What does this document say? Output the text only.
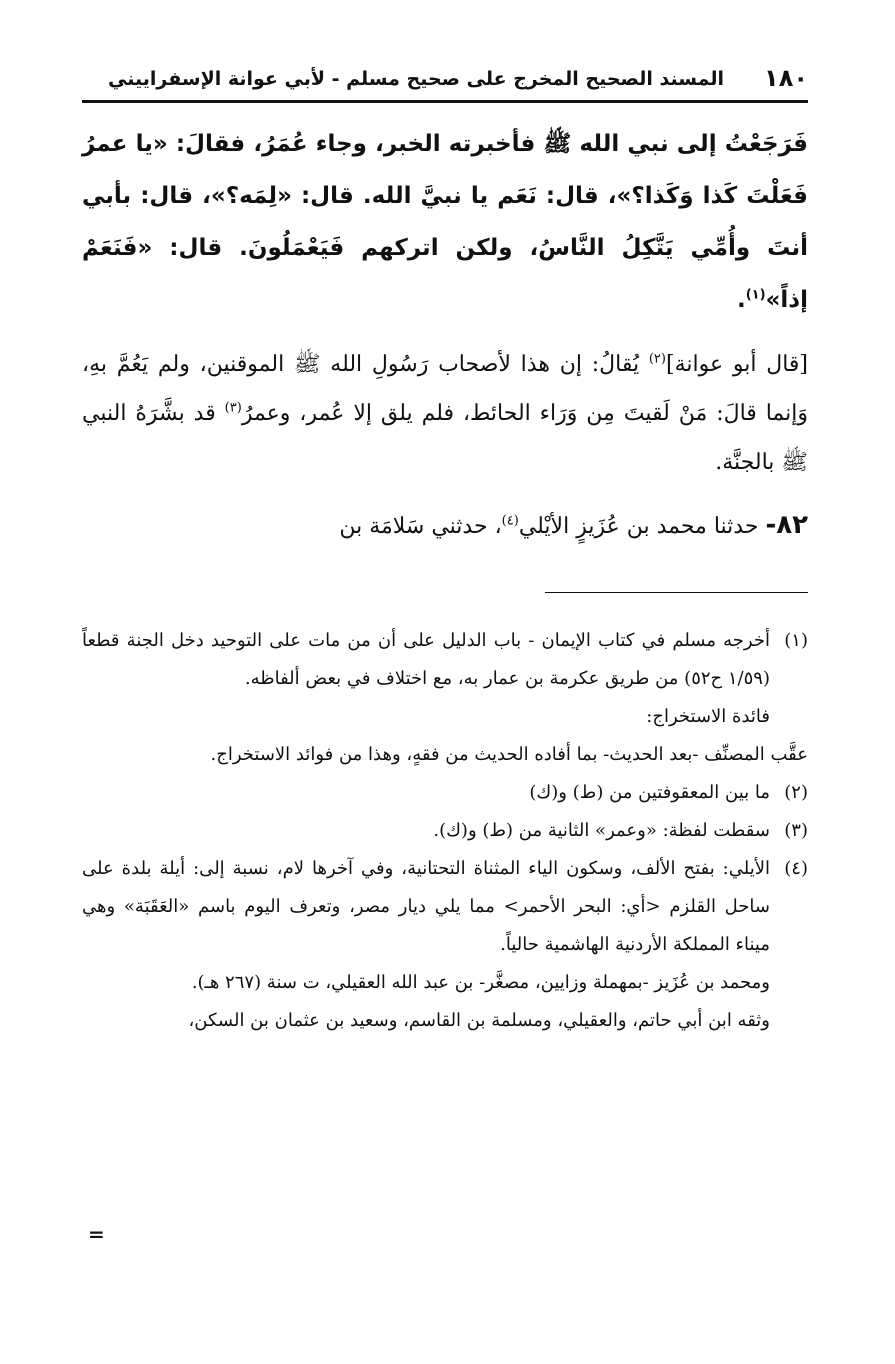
١٨٠
المسند الصحيح المخرج على صحيح مسلم - لأبي عوانة الإسفراييني

فَرَجَعْتُ إلى نبي الله ﷺ فأخبرته الخبر، وجاء عُمَرُ، فقالَ: «يا عمرُ فَعَلْتَ كَذا وَكَذا؟»، قال: نَعَم يا نبيَّ الله. قال: «لِمَه؟»، قال: بأبي أنتَ وأُمِّي يَتَّكِلُ النَّاسُ، ولكن اتركهم فَيَعْمَلُونَ. قال: «فَنَعَمْ إذاً»$^{(١)}$.

[قال أبو عوانة]$^{(٢)}$ يُقالُ: إن هذا لأصحاب رَسُولِ الله ﷺ الموقنين، ولم يَعُمَّ بهِ، وَإنما قالَ: مَنْ لَقيتَ مِن وَرَاء الحائط، فلم يلق إلا عُمر، وعمرُ$^{(٣)}$ قد بشَّرَهُ النبي ﷺ بالجنَّة.

٨٢- حدثنا محمد بن عُزَيزٍ الأيْلي$^{(٤)}$، حدثني سَلامَة بن

(١)
أخرجه مسلم في كتاب الإيمان - باب الدليل على أن من مات على التوحيد دخل الجنة قطعاً (١/٥٩ ح٥٢) من طريق عكرمة بن عمار به، مع اختلاف في بعض ألفاظه.

فائدة الاستخراج:

عقَّب المصنِّف -بعد الحديث- بما أفاده الحديث من فقهٍ، وهذا من فوائد الاستخراج.

(٢)
ما بين المعقوفتين من (ط) و(ك)

(٣)
سقطت لفظة: «وعمر» الثانية من (ط) و(ك).

(٤)
الأيلي: بفتح الألف، وسكون الياء المثناة التحتانية، وفي آخرها لام، نسبة إلى: أيلة بلدة على ساحل القلزم <أي: البحر الأحمر> مما يلي ديار مصر، وتعرف اليوم باسم «العَقَبَة» وهي ميناء المملكة الأردنية الهاشمية حالياً.

ومحمد بن عُزَيز -بمهملة وزايين، مصغَّر- بن عبد الله العقيلي، ت سنة (٢٦٧ هـ).

وثقه ابن أبي حاتم، والعقيلي، ومسلمة بن القاسم، وسعيد بن عثمان بن السكن،

=
